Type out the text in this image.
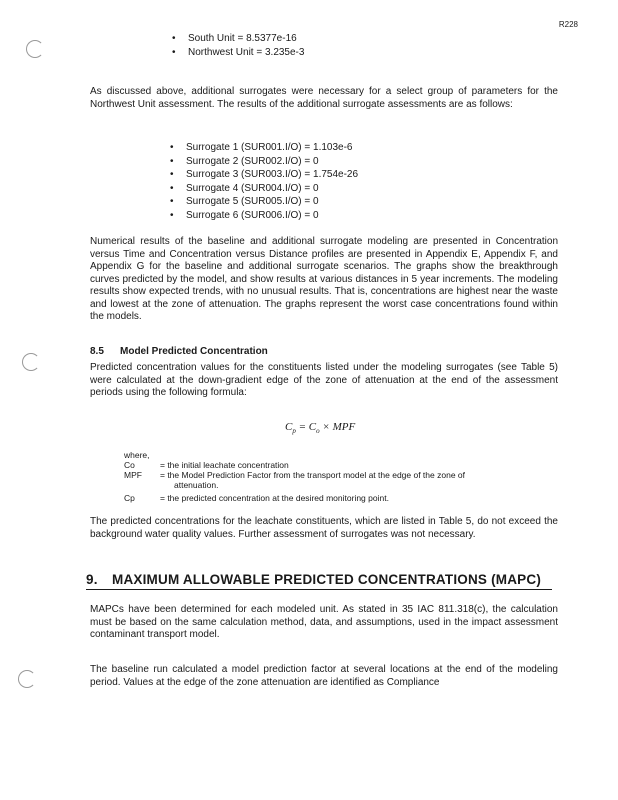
R228
• South Unit = 8.5377e-16
• Northwest Unit = 3.235e-3

As discussed above, additional surrogates were necessary for a select group of parameters for the Northwest Unit assessment. The results of the additional surrogate assessments are as follows:

• Surrogate 1 (SUR001.I/O) = 1.103e-6
• Surrogate 2 (SUR002.I/O) = 0
• Surrogate 3 (SUR003.I/O) = 1.754e-26
• Surrogate 4 (SUR004.I/O) = 0
• Surrogate 5 (SUR005.I/O) = 0
• Surrogate 6 (SUR006.I/O) = 0

Numerical results of the baseline and additional surrogate modeling are presented in Concentration versus Time and Concentration versus Distance profiles are presented in Appendix E, Appendix F, and Appendix G for the baseline and additional surrogate scenarios. The graphs show the breakthrough curves predicted by the model, and show results at various distances in 5 year increments. The modeling results show expected trends, with no unusual results. That is, concentrations are highest near the waste and lowest at the zone of attenuation. The graphs represent the worst case concentrations found within the models.

8.5 Model Predicted Concentration

Predicted concentration values for the constituents listed under the modeling surrogates (see Table 5) were calculated at the down-gradient edge of the zone of attenuation at the end of the assessment periods using the following formula:

$C_p = C_o$ × MPF
where,
Co	= the initial leachate concentration
MPF	= the Model Prediction Factor from the transport model at the edge of the zone of
	attenuation.
Cp	= the predicted concentration at the desired monitoring point.

The predicted concentrations for the leachate constituents, which are listed in Table 5, do not exceed the background water quality values. Further assessment of surrogates was not necessary.

9. MAXIMUM ALLOWABLE PREDICTED CONCENTRATIONS (MAPC)

MAPCs have been determined for each modeled unit. As stated in 35 IAC 811.318(c), the calculation must be based on the same calculation method, data, and assumptions, used in the impact assessment contaminant transport model.

The baseline run calculated a model prediction factor at several locations at the end of the modeling period. Values at the edge of the zone attenuation are identified as Compliance
